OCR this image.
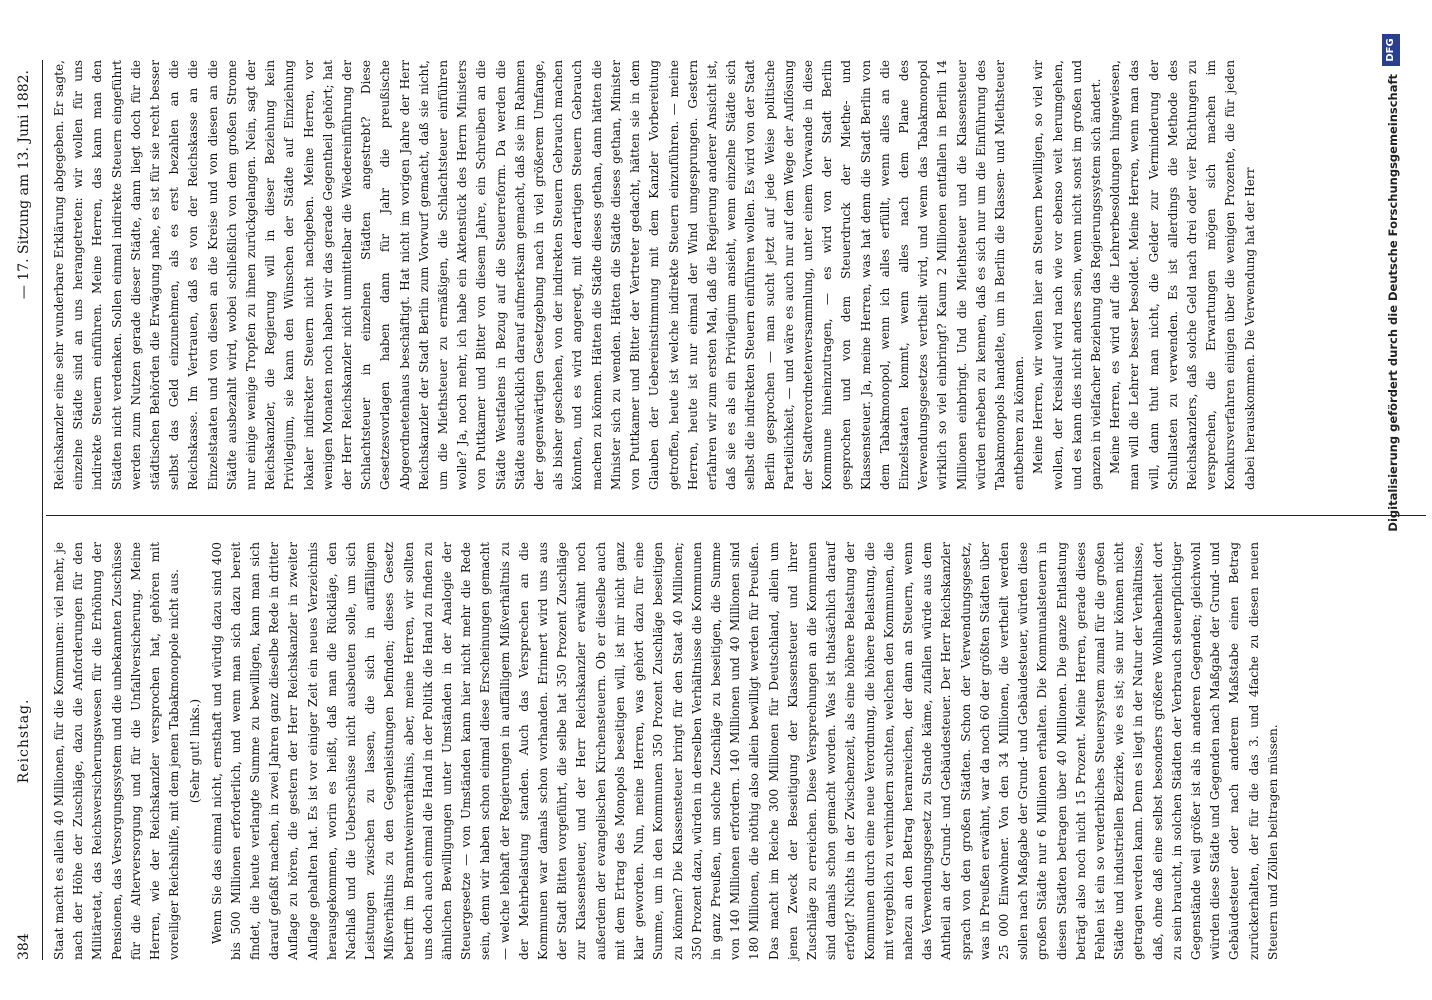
384
Reichstag.
— 17. Sitzung am 13. Juni 1882.

Staat macht es allein 40 Millionen, für die Kommunen: viel mehr, je nach der Höhe der Zuschläge, dazu die Anforderungen für den Militäretat, das Reichsversicherungswesen für die Erhöhung der Pensionen, das Versorgungssystem und die unbekannten Zuschüsse für die Alterversorgung und für die Unfallversicherung. Meine Herren, wie der Reichskanzler versprochen hat, gehören mit voreiliger Reichshilfe, mit dem jenen Tabakmonopole nicht aus. (Sehr gut! links.) Wenn Sie das einmal nicht, ernsthaft und würdig dazu sind 400 bis 500 Millionen erforderlich, und wenn man sich dazu bereit findet, die heute verlangte Summe zu bewilligen, kann man sich darauf gefaßt machen, in zwei Jahren ganz dieselbe Rede in dritter Auflage zu hören, die gestern der Herr Reichskanzler in zweiter Auflage gehalten hat. Es ist vor einiger Zeit ein neues Verzeichnis herausgekommen, worin es heißt, daß man die Rückläge, den Nachlaß und die Ueberschüsse nicht ausbeuten solle, um sich Leistungen zwischen zu lassen, die sich in auffälligem Mißverhältnis zu den Gegenleistungen befinden; dieses Gesetz betrifft im Branntweinverhältnis, aber, meine Herren, wir sollten uns doch auch einmal die Hand in der Politik die Hand zu finden zu ähnlichen Bewilligungen unter Umständen in der Analogie der Steuergesetze — von Umständen kann hier nicht mehr die Rede sein, denn wir haben schon einmal diese Erscheinungen gemacht — welche lebhaft der Regierungen in auffälligem Mißverhältnis zu der Mehrbelastung standen. Auch das Versprechen an die Kommunen war damals schon vorhanden. Erinnert wird uns aus der Stadt Bitten vorgeführt, die selbe hat 350 Prozent Zuschläge zur Klassensteuer, und der Herr Reichskanzler erwähnt noch außerdem der evangelischen Kirchensteuern. Ob er dieselbe auch mit dem Ertrag des Monopols beseitigen will, ist mir nicht ganz klar geworden. Nun, meine Herren, was gehört dazu für eine Summe, um in den Kommunen 350 Prozent Zuschläge beseitigen zu können? Die Klassensteuer bringt für den Staat 40 Millionen; 350 Prozent dazu, würden in derselben Verhältnisse die Kommunen in ganz Preußen, um solche Zuschläge zu beseitigen, die Summe von 140 Millionen erfordern. 140 Millionen und 40 Millionen sind 180 Millionen, die nöthig also allein bewilligt werden für Preußen. Das macht im Reiche 300 Millionen für Deutschland, allein um jenen Zweck der Beseitigung der Klassensteuer und ihrer Zuschläge zu erreichen. Diese Versprechungen an die Kommunen sind damals schon gemacht worden. Was ist thatsächlich darauf erfolgt? Nichts in der Zwischenzeit, als eine höhere Belastung der Kommunen durch eine neue Verordnung, die höhere Belastung, die mit vergeblich zu verhindern suchten, welchen den Kommunen, die nahezu an den Betrag heranreichen, der dann an Steuern, wenn das Verwendungsgesetz zu Stande käme, zufallen würde aus dem Antheil an der Grund- und Gebäudesteuer. Der Herr Reichskanzler sprach von den großen Städten. Schon der Verwendungsgesetz, was in Preußen erwähnt, war da noch 60 der größten Städten über 25 000 Einwohner. Von den 34 Millionen, die vertheilt werden sollen nach Maßgabe der Grund- und Gebäudesteuer, würden diese großen Städte nur 6 Millionen erhalten. Die Kommunalsteuern in diesen Städten betragen über 40 Millionen. Die ganze Entlastung beträgt also noch nicht 15 Prozent. Meine Herren, gerade dieses Fehlen ist ein so verderbliches Steuersystem zumal für die großen Städte und industriellen Bezirke, wie es ist; sie nur können nicht getragen werden kann. Denn es liegt in der Natur der Verhältnisse, daß, ohne daß eine selbst besonders größere Wohlhabenheit dort zu sein braucht, in solchen Städten der Verbrauch steuerpflichtiger Gegenstände weil größer ist als in anderen Gegenden; gleichwohl würden diese Städte und Gegenden nach Maßgabe der Grund- und Gebäudesteuer oder nach anderem Maßstabe einen Betrag zurückerhalten, der für die das 3. und 4fache zu diesen neuen Steuern und Zöllen beitragen müssen.

Reichskanzler eine sehr wunderbare Erklärung abgegeben. Er sagte, einzelne Städte sind an uns herangetreten: wir wollen für uns indirekte Steuern einführen. Meine Herren, das kann man den Städten nicht verdenken. Sollen einmal indirekte Steuern eingeführt werden zum Nutzen gerade dieser Städte, dann liegt doch für die städtischen Behörden die Erwägung nahe, es ist für sie recht besser selbst das Geld einzunehmen, als es erst bezahlen an die Reichskasse. Im Vertrauen, daß es von der Reichskasse an die Einzelstaaten und von diesen an die Kreise und von diesen an die Städte ausbezahlt wird, wobei schließlich von dem großen Strome nur einige wenige Tropfen zu ihnen zurückgelangen. Nein, sagt der Reichskanzler, die Regierung will in dieser Beziehung kein Privilegium, sie kann den Wünschen der Städte auf Einziehung lokaler indirekter Steuern nicht nachgeben. Meine Herren, vor wenigen Monaten noch haben wir das gerade Gegentheil gehört; hat der Herr Reichskanzler nicht unmittelbar die Wiedereinführung der Schlachtsteuer in einzelnen Städten angestrebt? Diese Gesetzesvorlagen haben dann für Jahr die preußische Abgeordnetenhaus beschäftigt. Hat nicht im vorigen Jahre der Herr Reichskanzler der Stadt Berlin zum Vorwurf gemacht, daß sie nicht, um die Miethsteuer zu ermäßigen, die Schlachtsteuer einführen wolle? Ja, noch mehr, ich habe ein Aktenstück des Herrn Ministers von Puttkamer und Bitter von diesem Jahre, ein Schreiben an die Städte Westfalens in Bezug auf die Steuerreform. Da werden die Städte ausdrücklich darauf aufmerksam gemacht, daß sie im Rahmen der gegenwärtigen Gesetzgebung nach in viel größerem Umfange, als bisher geschehen, von der indirekten Steuern Gebrauch machen könnten, und es wird angeregt, mit derartigen Steuern Gebrauch machen zu können. Hätten die Städte dieses gethan, dann hätten die Minister sich zu wenden. Hätten die Städte dieses gethan, Minister von Puttkamer und Bitter der Vertreter gedacht, hätten sie in dem Glauben der Uebereinstimmung mit dem Kanzler Vorbereitung getroffen, heute ist welche indirekte Steuern einzuführen. — meine Herren, heute ist nur einmal der Wind umgesprungen. Gestern erfahren wir zum ersten Mal, daß die Regierung anderer Ansicht ist, daß sie es als ein Privilegium ansieht, wenn einzelne Städte sich selbst die indirekten Steuern einführen wollen. Es wird von der Stadt Berlin gesprochen — man sucht jetzt auf jede Weise politische Parteilichkeit, — und wäre es auch nur auf dem Wege der Auflösung der Stadtverordnetenversammlung, unter einem Vorwande in diese Kommune hineinzutragen, — es wird von der Stadt Berlin gesprochen und von dem Steuerdruck der Miethe- und Klassensteuer. Ja, meine Herren, was hat denn die Stadt Berlin von dem Tabakmonopol, wenn ich alles erfüllt, wenn alles an die Einzelstaaten kommt, wenn alles nach dem Plane des Verwendungsgesetzes vertheilt wird, und wenn das Tabakmonopol wirklich so viel einbringt? Kaum 2 Millionen entfallen in Berlin 14 Millionen einbringt. Und die Miethsteuer und die Klassensteuer würden erheben zu kennen, daß es sich nur um die Einführung des Tabakmonopols handelte, um in Berlin die Klassen- und Miethsteuer entbehren zu können. Meine Herren, wir wollen hier an Steuern bewilligen, so viel wir wollen, der Kreislauf wird nach wie vor ebenso weit herumgehen, und es kann dies nicht anders sein, wenn nicht sonst im großen und ganzen in vielfacher Beziehung das Regierungssystem sich ändert. Meine Herren, es wird auf die Lehrerbesoldungen hingewiesen, man will die Lehrer besser besoldet. Meine Herren, wenn man das will, dann thut man nicht, die Gelder zur Verminderung der Schullasten zu verwenden. Es ist allerdings die Methode des Reichskanzlers, daß solche Geld nach drei oder vier Richtungen zu versprechen, die Erwartungen mögen sich machen im Konkursverfahren einigen über die wenigen Prozente, die für jeden dabei herauskommen. Die Verwendung hat der Herr	Digitalisierung gefördert durch die Deutsche Forschungsgemeinschaft
DFG
